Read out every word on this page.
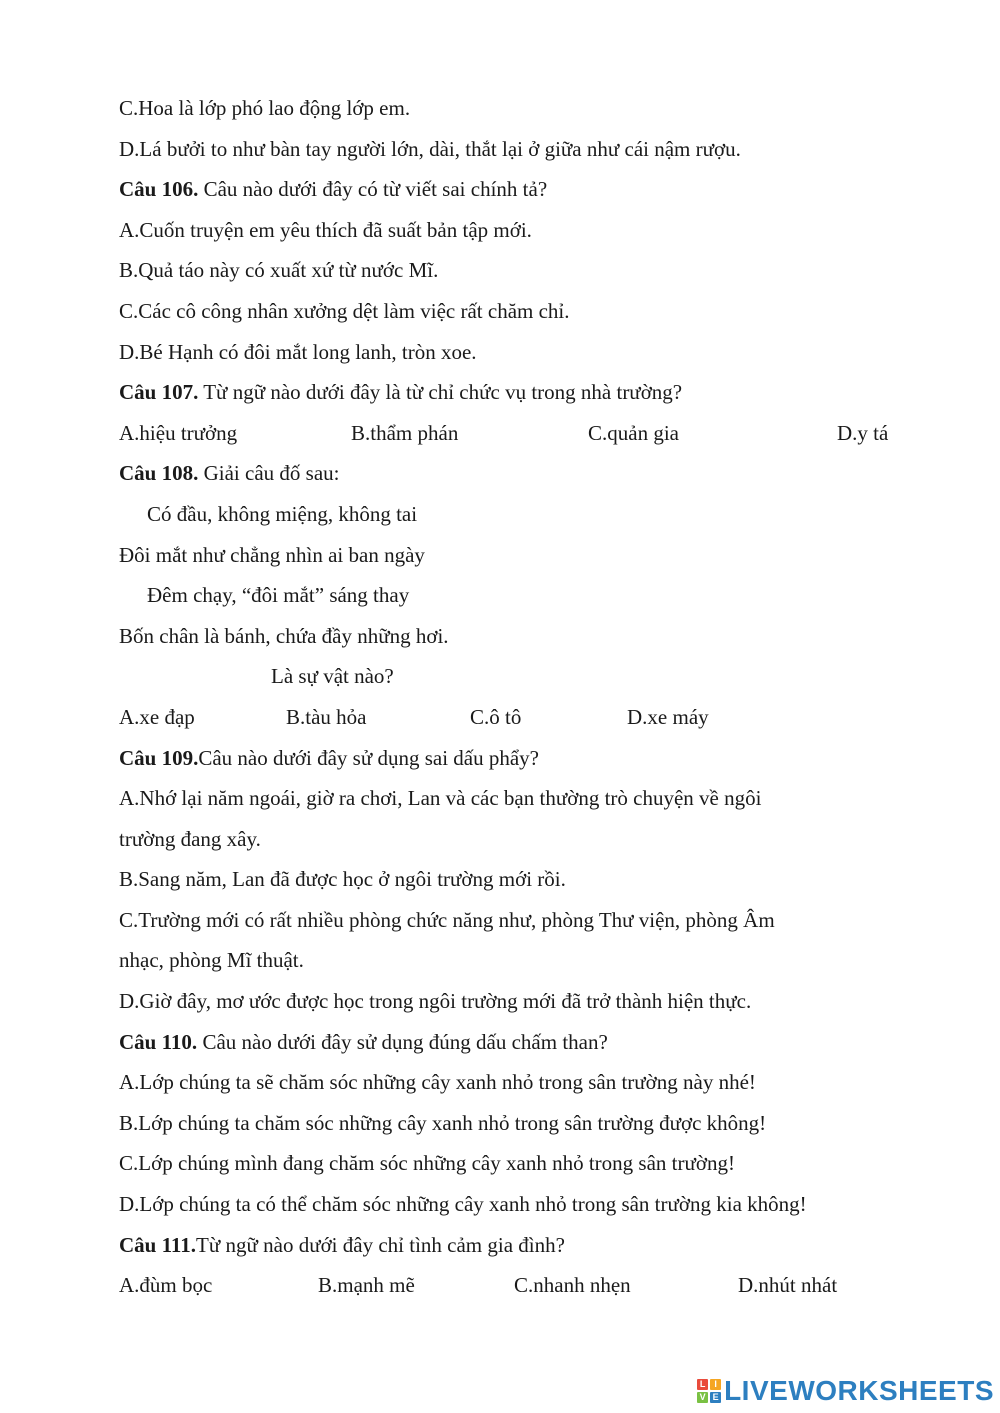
C.Hoa là lớp phó lao động lớp em.
D.Lá bưởi to như bàn tay người lớn, dài, thắt lại ở giữa như cái nậm rượu.
Câu 106. Câu nào dưới đây có từ viết sai chính tả?
A.Cuốn truyện em yêu thích đã suất bản tập mới.
B.Quả táo này có xuất xứ từ nước Mĩ.
C.Các cô công nhân xưởng dệt làm việc rất chăm chỉ.
D.Bé Hạnh có đôi mắt long lanh, tròn xoe.
Câu 107. Từ ngữ nào dưới đây là từ chỉ chức vụ trong nhà trường?
A.hiệu trưởng	B.thẩm phán	C.quản gia	D.y tá
Câu 108. Giải câu đố sau:
Có đầu, không miệng, không tai
Đôi mắt như chẳng nhìn ai ban ngày
Đêm chạy, “đôi mắt” sáng thay
Bốn chân là bánh, chứa đầy những hơi.
Là sự vật nào?
A.xe đạp	B.tàu hỏa	C.ô tô	D.xe máy
Câu 109.Câu nào dưới đây sử dụng sai dấu phẩy?
A.Nhớ lại năm ngoái, giờ ra chơi, Lan và các bạn thường trò chuyện về ngôi
trường đang xây.
B.Sang năm, Lan đã được học ở ngôi trường mới rồi.
C.Trường mới có rất nhiều phòng chức năng như, phòng Thư viện, phòng Âm
nhạc, phòng Mĩ thuật.
D.Giờ đây, mơ ước được học trong ngôi trường mới đã trở thành hiện thực.
Câu 110. Câu nào dưới đây sử dụng đúng dấu chấm than?
A.Lớp chúng ta sẽ chăm sóc những cây xanh nhỏ trong sân trường này nhé!
B.Lớp chúng ta chăm sóc những cây xanh nhỏ trong sân trường được không!
C.Lớp chúng mình đang chăm sóc những cây xanh nhỏ trong sân trường!
D.Lớp chúng ta có thể chăm sóc những cây xanh nhỏ trong sân trường kia không!
Câu 111.Từ ngữ nào dưới đây chỉ tình cảm gia đình?
A.đùm bọc	B.mạnh mẽ	C.nhanh nhẹn	D.nhút nhát
L I
V E LIVEWORKSHEETS
